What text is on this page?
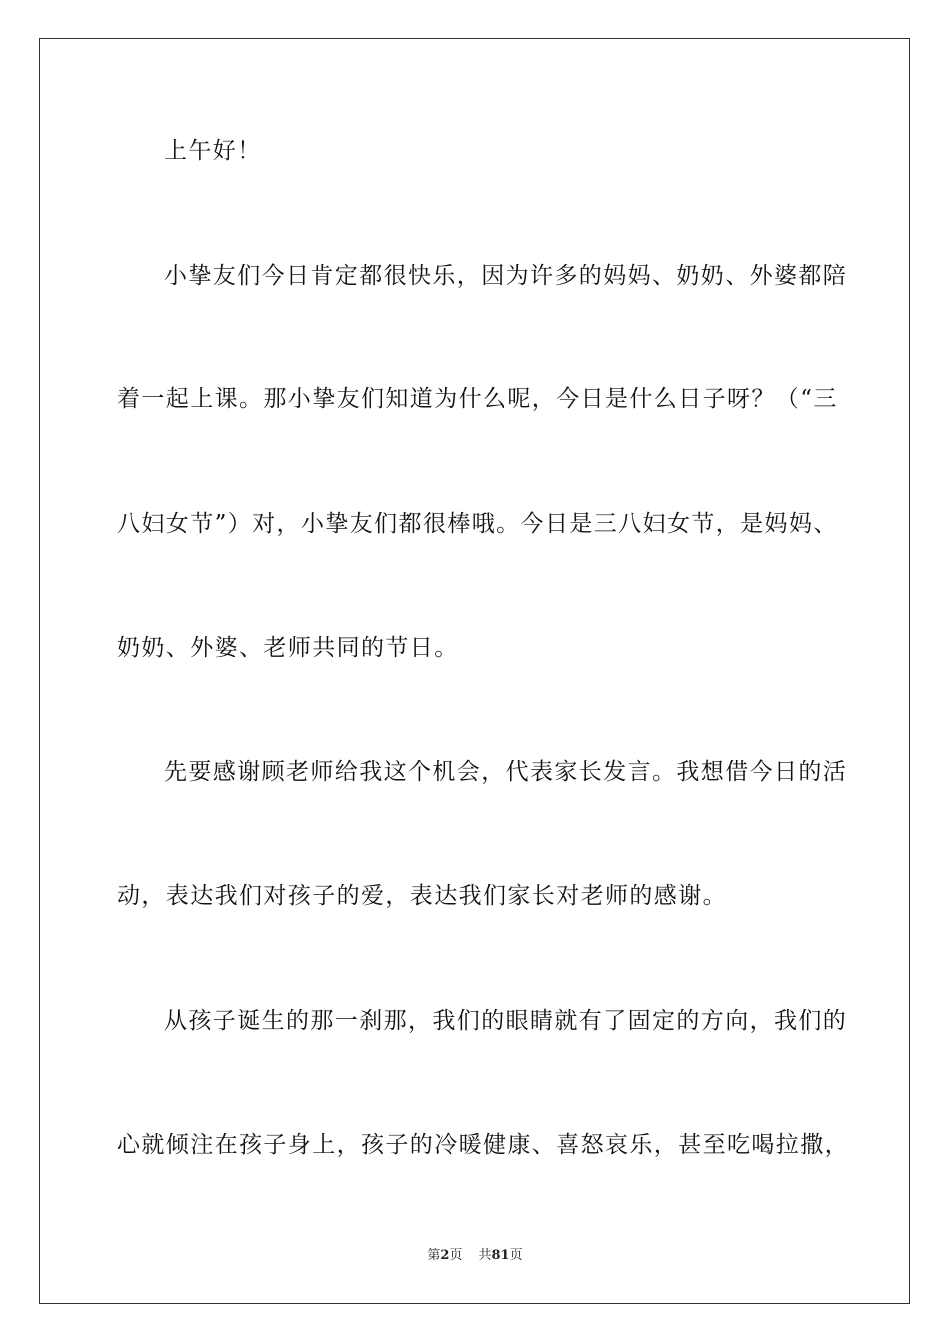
上午好！
小挚友们今日肯定都很快乐，因为许多的妈妈、奶奶、外婆都陪
着一起上课。那小挚友们知道为什么呢，今日是什么日子呀？（“三
八妇女节”）对，小挚友们都很棒哦。今日是三八妇女节，是妈妈、
奶奶、外婆、老师共同的节日。
先要感谢顾老师给我这个机会，代表家长发言。我想借今日的活
动，表达我们对孩子的爱，表达我们家长对老师的感谢。
从孩子诞生的那一刹那，我们的眼睛就有了固定的方向，我们的
心就倾注在孩子身上，孩子的冷暖健康、喜怒哀乐，甚至吃喝拉撒，
第2页 共81页
